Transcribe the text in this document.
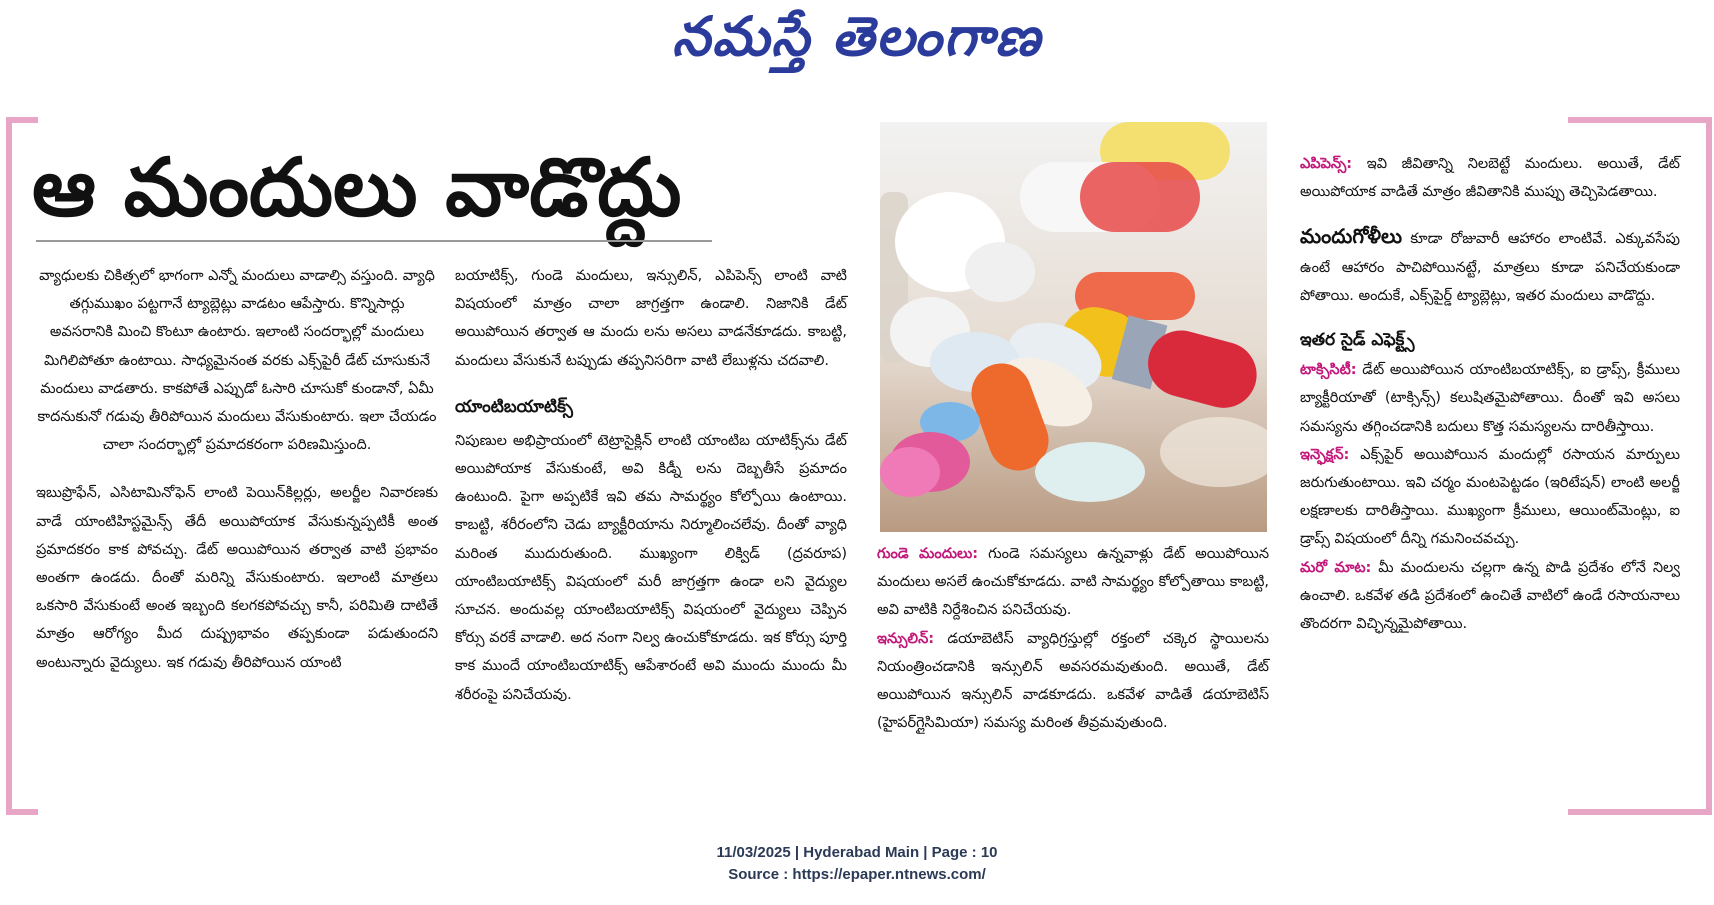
నమస్తే తెలంగాణ
ఆ మందులు వాడొద్దు

వ్యాధులకు చికిత్సలో భాగంగా ఎన్నో మందులు వాడాల్సి వస్తుంది. వ్యాధి తగ్గుముఖం పట్టగానే ట్యాబ్లెట్లు వాడటం ఆపేస్తారు. కొన్నిసార్లు అవసరానికి మించి కొంటూ ఉంటారు. ఇలాంటి సందర్భాల్లో మందులు మిగిలిపోతూ ఉంటాయి. సాధ్యమైనంత వరకు ఎక్స్‌పైరీ డేట్ చూసుకునే మందులు వాడతారు. కాకపోతే ఎప్పుడో ఓసారి చూసుకో కుండానో, ఏమీ కాదనుకునో గడువు తీరిపోయిన మందులు వేసుకుంటారు. ఇలా చేయడం చాలా సందర్భాల్లో ప్రమాదకరంగా పరిణమిస్తుంది.

ఇబుప్రొఫేన్, ఎసిటామినోఫెన్ లాంటి పెయిన్‌కిల్లర్లు, అలర్జీల నివారణకు వాడే యాంటిహిస్టమైన్స్ తేదీ అయిపోయాక వేసుకున్నప్పటికీ అంత ప్రమాదకరం కాక పోవచ్చు. డేట్ అయిపోయిన తర్వాత వాటి ప్రభావం అంతగా ఉండదు. దీంతో మరిన్ని వేసుకుంటారు. ఇలాంటి మాత్రలు ఒకసారి వేసుకుంటే అంత ఇబ్బంది కలగకపోవచ్చు కానీ, పరిమితి దాటితే మాత్రం ఆరోగ్యం మీద దుష్ప్రభావం తప్పకుండా పడుతుందని అంటున్నారు వైద్యులు. ఇక గడువు తీరిపోయిన యాంటి

బయాటిక్స్, గుండె మందులు, ఇన్సులిన్, ఎపిపెన్స్ లాంటి వాటి విషయంలో మాత్రం చాలా జాగ్రత్తగా ఉండాలి. నిజానికి డేట్ అయిపోయిన తర్వాత ఆ మందు లను అసలు వాడనేకూడదు. కాబట్టి, మందులు వేసుకునే టప్పుడు తప్పనిసరిగా వాటి లేబుళ్లను చదవాలి.

యాంటిబయాటిక్స్

నిపుణుల అభిప్రాయంలో టెట్రాసైక్లిన్ లాంటి యాంటిబ యాటిక్స్‌ను డేట్ అయిపోయాక వేసుకుంటే, అవి కిడ్నీ లను దెబ్బతీసే ప్రమాదం ఉంటుంది. పైగా అప్పటికే ఇవి తమ సామర్థ్యం కోల్పోయి ఉంటాయి. కాబట్టి, శరీరంలోని చెడు బ్యాక్టీరియాను నిర్మూలించలేవు. దీంతో వ్యాధి మరింత ముదురుతుంది. ముఖ్యంగా లిక్విడ్ (ద్రవరూప) యాంటిబయాటిక్స్ విషయంలో మరీ జాగ్రత్తగా ఉండా లని వైద్యుల సూచన. అందువల్ల యాంటిబయాటిక్స్ విషయంలో వైద్యులు చెప్పిన కోర్సు వరకే వాడాలి. అద నంగా నిల్వ ఉంచుకోకూడదు. ఇక కోర్సు పూర్తి కాక ముందే యాంటిబయాటిక్స్ ఆపేశారంటే అవి ముందు ముందు మీ శరీరంపై పనిచేయవు.

గుండె మందులు: గుండె సమస్యలు ఉన్నవాళ్లు డేట్ అయిపోయిన మందులు అసలే ఉంచుకోకూడదు. వాటి సామర్థ్యం కోల్పోతాయి కాబట్టి, అవి వాటికి నిర్దేశించిన పనిచేయవు.

ఇన్సులిన్: డయాబెటిస్ వ్యాధిగ్రస్తుల్లో రక్తంలో చక్కెర స్థాయిలను నియంత్రించడానికి ఇన్సులిన్ అవసరమవుతుంది. అయితే, డేట్ అయిపోయిన ఇన్సులిన్ వాడకూడదు. ఒకవేళ వాడితే డయాబెటిస్ (హైపర్‌గ్లైసిమియా) సమస్య మరింత తీవ్రమవుతుంది.

ఎపిపెన్స్: ఇవి జీవితాన్ని నిలబెట్టే మందులు. అయితే, డేట్ అయిపోయాక వాడితే మాత్రం జీవితానికి ముప్పు తెచ్చిపెడతాయి.

మందుగోళీలు కూడా రోజువారీ ఆహారం లాంటివే. ఎక్కువసేపు ఉంటే ఆహారం పాచిపోయినట్టే, మాత్రలు కూడా పనిచేయకుండా పోతాయి. అందుకే, ఎక్స్‌పైర్డ్ ట్యాబ్లెట్లు, ఇతర మందులు వాడొద్దు.

ఇతర సైడ్ ఎఫెక్ట్స్

టాక్సిసిటీ: డేట్ అయిపోయిన యాంటిబయాటిక్స్, ఐ డ్రాప్స్, క్రీములు బ్యాక్టీరియాతో (టాక్సిన్స్) కలుషితమైపోతాయి. దీంతో ఇవి అసలు సమస్యను తగ్గించడానికి బదులు కొత్త సమస్యలను దారితీస్తాయి.

ఇన్ఫెక్షన్: ఎక్స్‌పైర్ అయిపోయిన మందుల్లో రసాయన మార్పులు జరుగుతుంటాయి. ఇవి చర్మం మంటపెట్టడం (ఇరిటేషన్) లాంటి అలర్జీ లక్షణాలకు దారితీస్తాయి. ముఖ్యంగా క్రీములు, ఆయింట్‌మెంట్లు, ఐ డ్రాప్స్ విషయంలో దీన్ని గమనించవచ్చు.

మరో మాట: మీ మందులను చల్లగా ఉన్న పొడి ప్రదేశం లోనే నిల్వ ఉంచాలి. ఒకవేళ తడి ప్రదేశంలో ఉంచితే వాటిలో ఉండే రసాయనాలు తొందరగా విచ్ఛిన్నమైపోతాయి.

11/03/2025 | Hyderabad Main | Page : 10
Source : https://epaper.ntnews.com/
